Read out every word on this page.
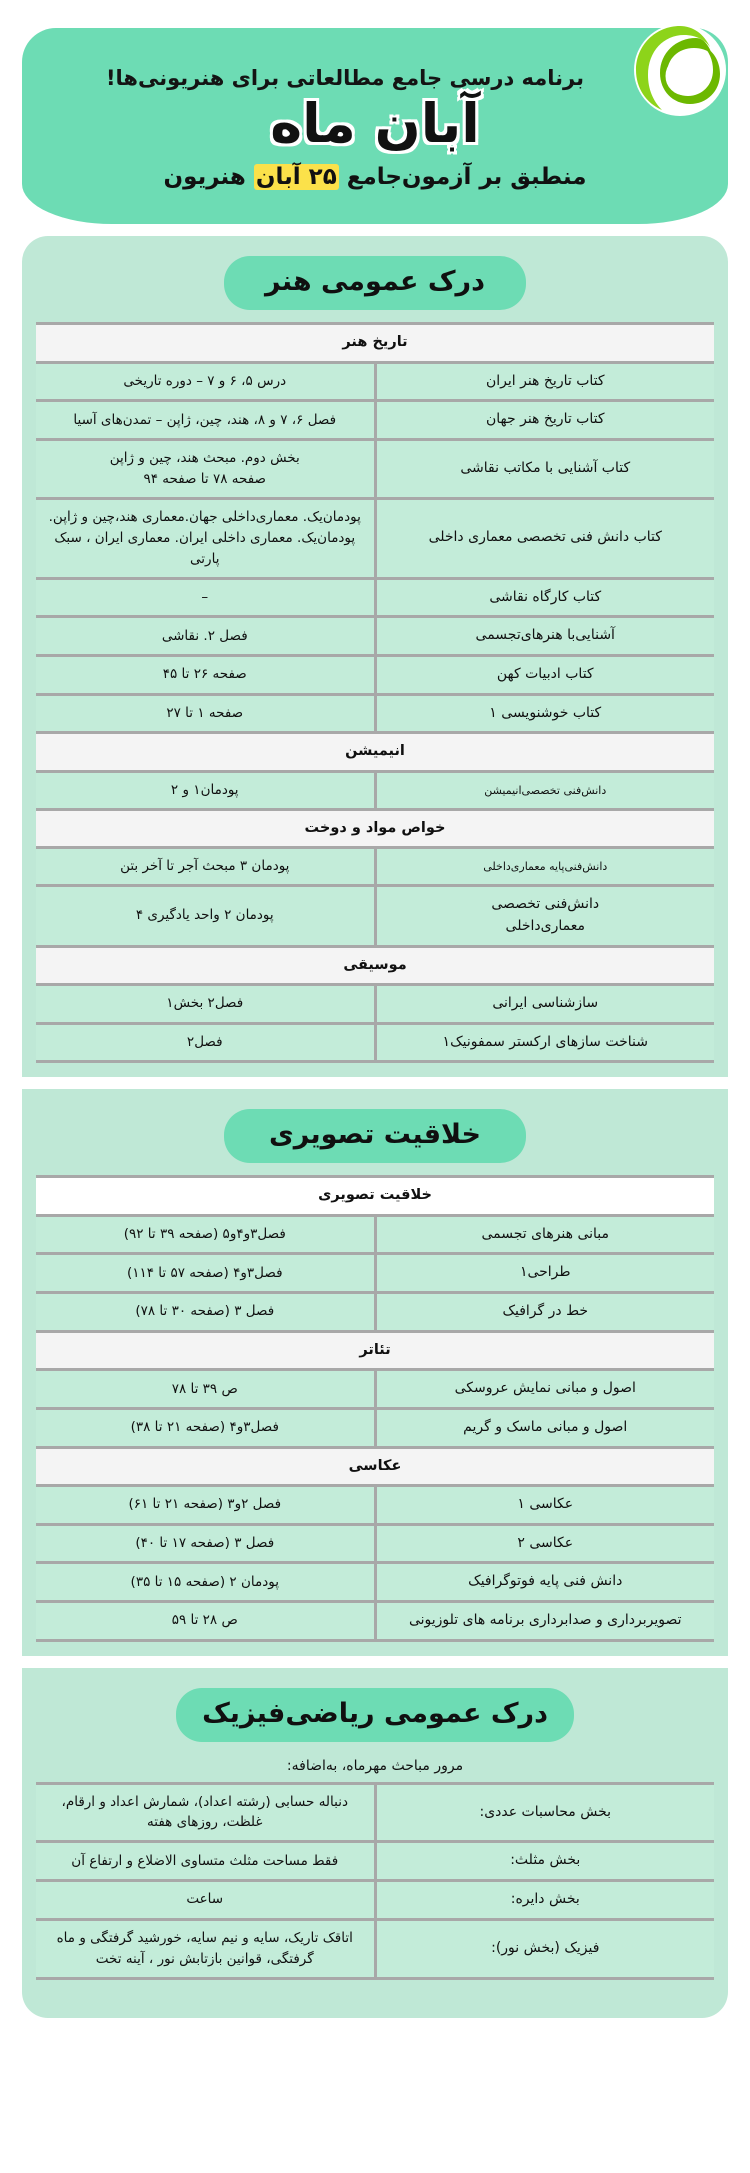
برنامه درسی جامع مطالعاتی برای هنریونی‌ها!
آبان ماه
منطبق بر آزمون‌جامع ۲۵ آبان هنریون
درک عمومی هنر
تاریخ هنر	
کتاب تاریخ هنر ایران	درس ۵، ۶ و ۷ – دوره تاریخی
کتاب تاریخ هنر جهان	فصل ۶، ۷ و ۸، هند، چین، ژاپن – تمدن‌های آسیا
کتاب آشنایی با مکاتب نقاشی	بخش دوم. مبحث هند، چین و ژاپن
صفحه ۷۸ تا صفحه ۹۴
کتاب دانش فنی تخصصی معماری داخلی	پودمان‌یک. معماری‌داخلی جهان.معماری هند،چین و ژاپن.
پودمان‌یک. معماری داخلی ایران. معماری ایران ، سبک پارتی
کتاب کارگاه نقاشی	–
آشنایی‌با هنرهای‌تجسمی	فصل ۲. نقاشی
کتاب ادبیات کهن	صفحه ۲۶ تا ۴۵
کتاب خوشنویسی ۱	صفحه ۱ تا ۲۷
انیمیشن
دانش‌فنی تخصصی‌انیمیشن	پودمان۱ و ۲
خواص مواد و دوخت	
دانش‌فنی‌پایه معماری‌داخلی	پودمان ۳ مبحث آجر تا آخر بتن
دانش‌فنی تخصصی
معماری‌داخلی	پودمان ۲ واحد یادگیری ۴
موسیقی	
سازشناسی ایرانی	فصل۲ بخش۱
شناخت سازهای ارکستر سمفونیک۱	فصل۲
خلاقیت تصویری
خلاقیت تصویری	
مبانی هنرهای تجسمی	فصل۳و۴و۵ (صفحه ۳۹ تا ۹۲)
طراحی۱	فصل۳و۴ (صفحه ۵۷ تا ۱۱۴)
خط در گرافیک	فصل ۳ (صفحه ۳۰ تا ۷۸)
تئاتر	
اصول و مبانی نمایش عروسکی	ص ۳۹ تا ۷۸
اصول و مبانی ماسک و گریم	فصل۳و۴ (صفحه ۲۱ تا ۳۸)
عکاسی	
عکاسی ۱	فصل ۲و۳ (صفحه ۲۱ تا ۶۱)
عکاسی ۲	فصل ۳ (صفحه ۱۷ تا ۴۰)
دانش فنی پایه فوتوگرافیک	پودمان ۲ (صفحه ۱۵ تا ۳۵)
تصویربرداری و صدابرداری برنامه های تلوزیونی	ص ۲۸ تا ۵۹
درک عمومی ریاضی‌فیزیک
مرور مباحث مهرماه، به‌اضافه:
بخش محاسبات عددی:	دنباله حسابی (رشته اعداد)، شمارش اعداد و ارقام، غلظت، روزهای هفته
بخش مثلث:	فقط مساحت مثلث متساوی الاضلاع و ارتفاع آن
بخش دایره:	ساعت
فیزیک (بخش نور):	اتاقک تاریک، سایه و نیم سایه، خورشید گرفتگی و ماه گرفتگی، قوانین بازتابش نور ، آینه تخت
